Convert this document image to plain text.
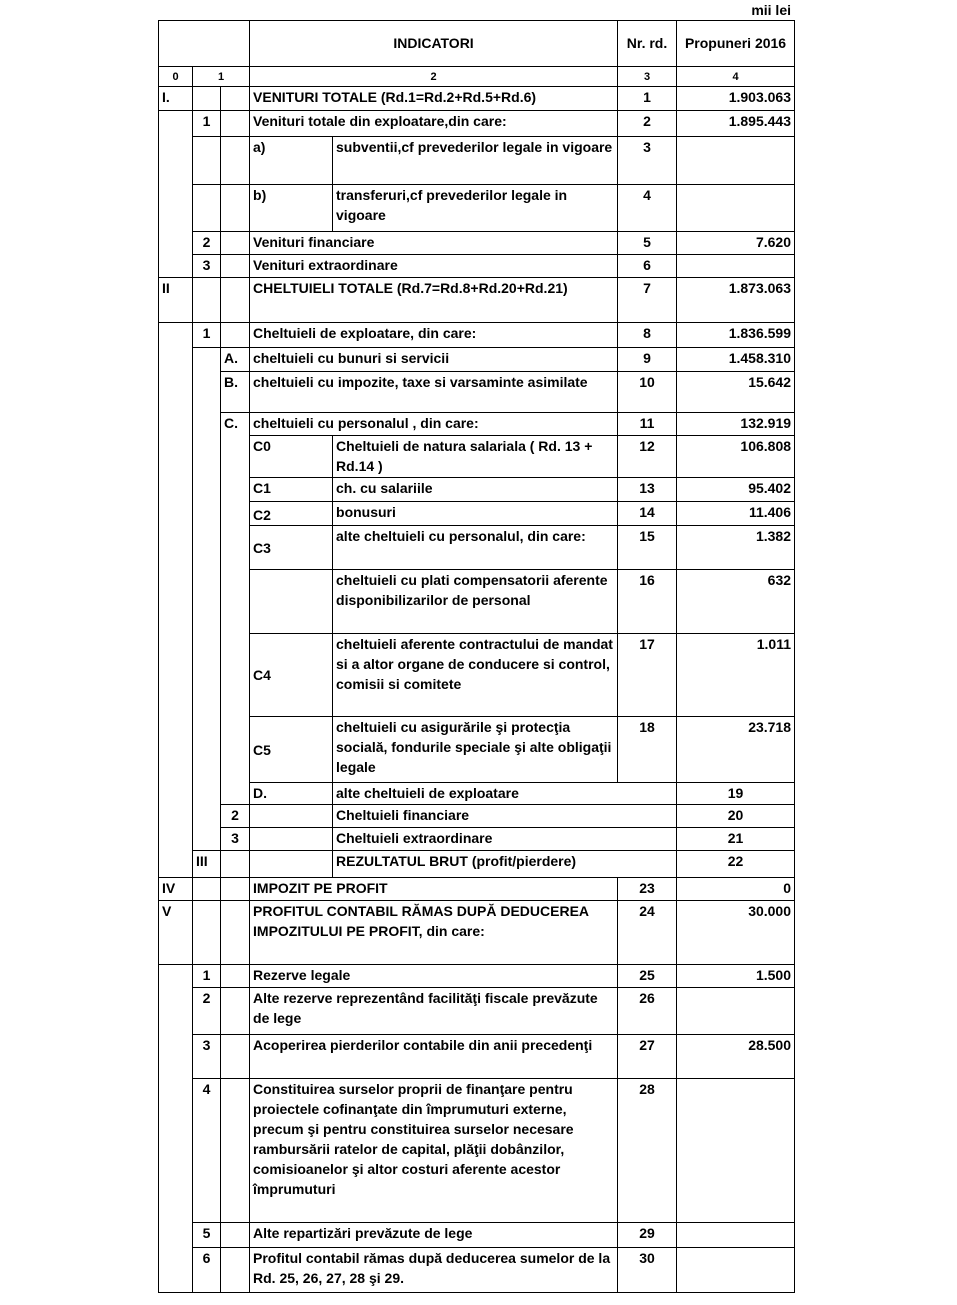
mii lei
			INDICATORI		Nr. rd.	Propuneri 2016	
0	1		2		3	4	
I.			VENITURI TOTALE (Rd.1=Rd.2+Rd.5+Rd.6)		1	1.903.063	
	1		Venituri totale din exploatare,din care:		2	1.895.443	
			a)	subventii,cf prevederilor legale in vigoare	3		
			b)	transferuri,cf prevederilor legale in vigoare	4		
	2		Venituri financiare		5	7.620	
	3		Venituri extraordinare		6		
II			CHELTUIELI TOTALE (Rd.7=Rd.8+Rd.20+Rd.21)		7	1.873.063	
	1		Cheltuieli de exploatare, din care:		8	1.836.599	
		A.	cheltuieli cu bunuri si servicii		9	1.458.310	
		B.	cheltuieli cu impozite, taxe si varsaminte asimilate		10	15.642	
		C.	cheltuieli cu personalul , din care:		11	132.919	
			C0	Cheltuieli de natura salariala ( Rd. 13 + Rd.14 )	12	106.808	
			C1	ch. cu salariile	13	95.402	
			C2	bonusuri	14	11.406	
			C3	alte cheltuieli cu personalul, din care:	15	1.382	
				cheltuieli cu plati compensatorii aferente disponibilizarilor de personal	16	632	
			C4	cheltuieli aferente contractului de mandat si a altor organe de conducere si control, comisii si comitete	17	1.011	
			C5	cheltuieli cu asigurările şi protecţia socială, fondurile speciale şi alte obligaţii legale	18	23.718	
			D.	alte cheltuieli de exploatare		19	
		2		Cheltuieli financiare		20	
		3		Cheltuieli extraordinare		21	
	III			REZULTATUL BRUT (profit/pierdere)		22	
IV			IMPOZIT PE PROFIT		23	0	
V			PROFITUL CONTABIL RĂMAS DUPĂ DEDUCEREA IMPOZITULUI PE PROFIT, din care:		24	30.000	
	1		Rezerve legale		25	1.500	
	2		Alte rezerve reprezentând facilităţi fiscale prevăzute de lege		26		
	3		Acoperirea pierderilor contabile din anii precedenţi		27	28.500	
	4		Constituirea surselor proprii de finanţare pentru proiectele cofinanţate din împrumuturi externe, precum şi pentru constituirea surselor necesare rambursării ratelor de capital, plăţii dobânzilor, comisioanelor şi altor costuri aferente acestor împrumuturi		28		
	5		Alte repartizări prevăzute de lege		29		
	6		Profitul contabil rămas după deducerea sumelor de la Rd. 25, 26, 27, 28 şi 29.		30		
